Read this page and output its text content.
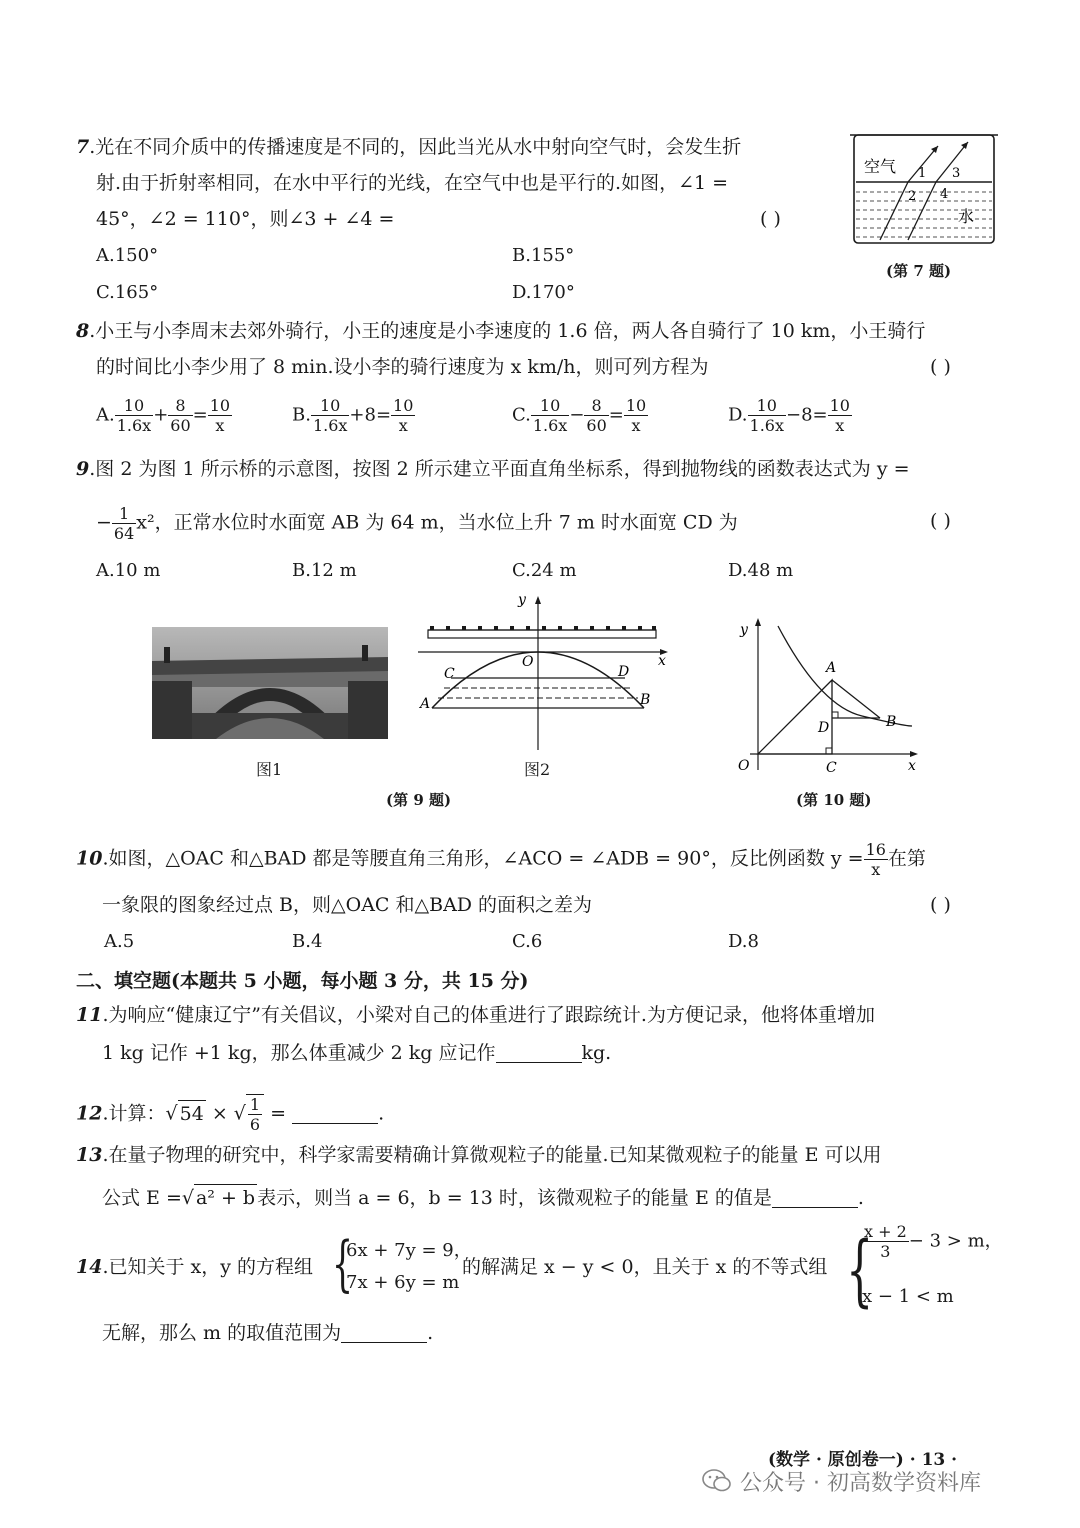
7.光在不同介质中的传播速度是不同的，因此当光从水中射向空气时，会发生折
射.由于折射率相同，在水中平行的光线，在空气中也是平行的.如图，∠1 =
45°，∠2 = 110°，则∠3 + ∠4 =	( )
A.150°	B.155°
C.165°	D.170°
空气
水
1
2
3
4
(第 7 题)
8.小王与小李周末去郊外骑行，小王的速度是小李速度的 1.6 倍，两人各自骑行了 10 km，小王骑行
的时间比小李少用了 8 min.设小李的骑行速度为 x km/h，则可列方程为	( )
A. $\frac{10}{1.6x} + \frac{8}{60} = \frac{10}{x}$	B. $\frac{10}{1.6x} +8= \frac{10}{x}$	C. $\frac{10}{1.6x} - \frac{8}{60} = \frac{10}{x}$	D. $\frac{10}{1.6x} -8= \frac{10}{x}$
9.图 2 为图 1 所示桥的示意图，按图 2 所示建立平面直角坐标系，得到抛物线的函数表达式为 y =
− $\frac{1}{64} x^2$，正常水位时水面宽 AB 为 64 m，当水位上升 7 m 时水面宽 CD 为	( )
A.10 m	B.12 m	C.24 m	D.48 m
图1
y
x
O
C	D
A	B
图2
(第 9 题)
y
x
O
A
B
C
D
(第 10 题)
10.如图，△OAC 和△BAD 都是等腰直角三角形，∠ACO = ∠ADB = 90°，反比例函数 $y = \frac{16}{x}$ 在第
一象限的图象经过点 B，则△OAC 和△BAD 的面积之差为	( )
A.5	B.4	C.6	D.8
二、填空题(本题共 5 小题，每小题 3 分，共 15 分)
11.为响应“健康辽宁”有关倡议，小梁对自己的体重进行了跟踪统计.为方便记录，他将体重增加
1 kg 记作 +1 kg，那么体重减少 2 kg 应记作	kg.
12.计算：√ 54 × √ $\frac{1}{6}$ =	.
13.在量子物理的研究中，科学家需要精确计算微观粒子的能量.已知某微观粒子的能量 E 可以用
公式 E =√ a² + b 表示，则当 a = 6，b = 13 时，该微观粒子的能量 E 的值是	.
14.已知关于 x，y 的方程组 {
6x + 7y = 9，
7x + 6y = m
的解满足 x − y < 0，且关于 x 的不等式组 {
$\frac{x + 2}{3} - 3 > m$，
x − 1 < m
无解，那么 m 的取值范围为	.
(数学 · 原创卷一) · 13 ·
公众号 · 初高数学资料库
